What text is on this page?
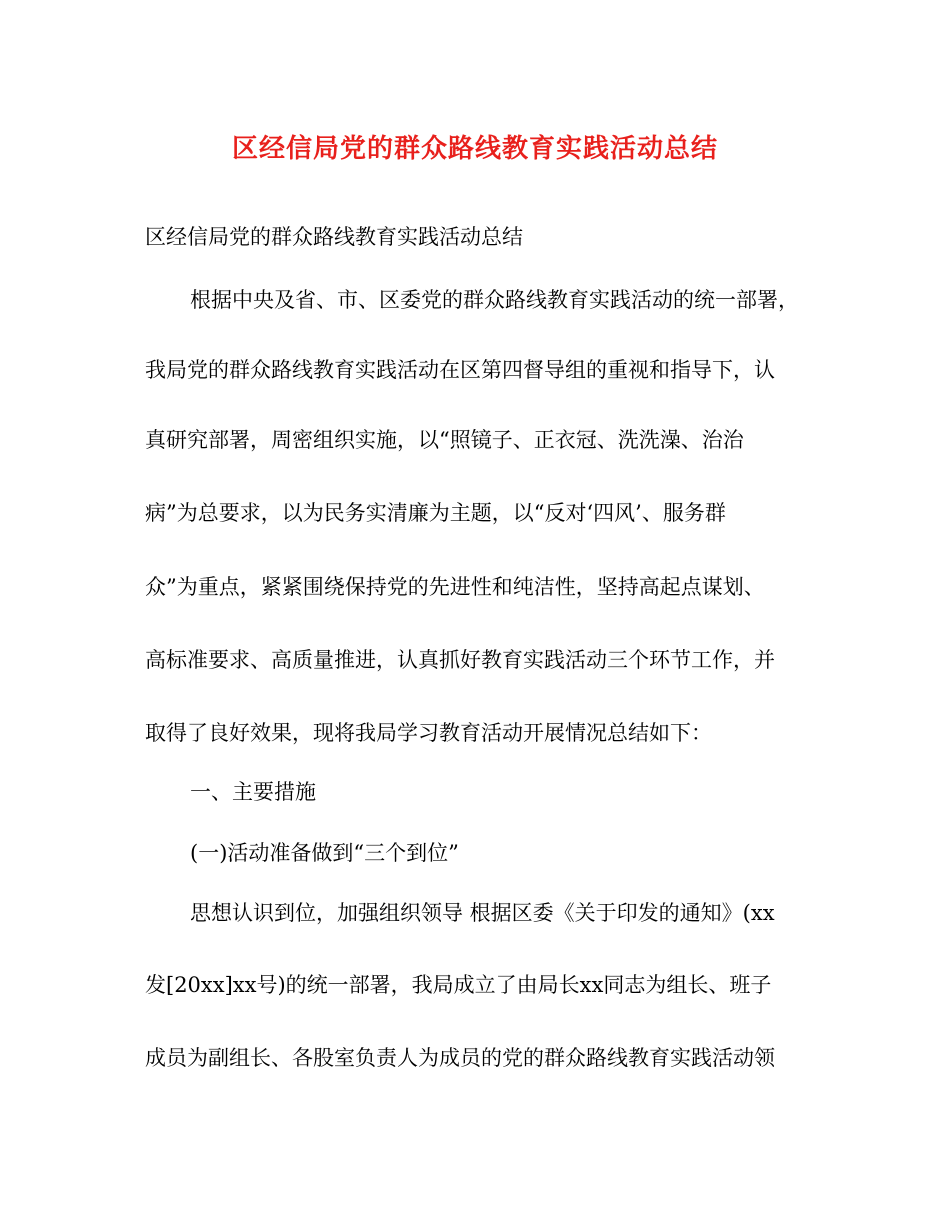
区经信局党的群众路线教育实践活动总结
区经信局党的群众路线教育实践活动总结
根据中央及省、市、区委党的群众路线教育实践活动的统一部署，
我局党的群众路线教育实践活动在区第四督导组的重视和指导下，认
真研究部署，周密组织实施，以“照镜子、正衣冠、洗洗澡、治治
病”为总要求，以为民务实清廉为主题，以“反对‘四风’、服务群
众”为重点，紧紧围绕保持党的先进性和纯洁性，坚持高起点谋划、
高标准要求、高质量推进，认真抓好教育实践活动三个环节工作，并
取得了良好效果，现将我局学习教育活动开展情况总结如下：
一、主要措施
(一)活动准备做到“三个到位”
思想认识到位，加强组织领导 根据区委《关于印发的通知》(xx
发[20xx]xx号)的统一部署，我局成立了由局长xx同志为组长、班子
成员为副组长、各股室负责人为成员的党的群众路线教育实践活动领
